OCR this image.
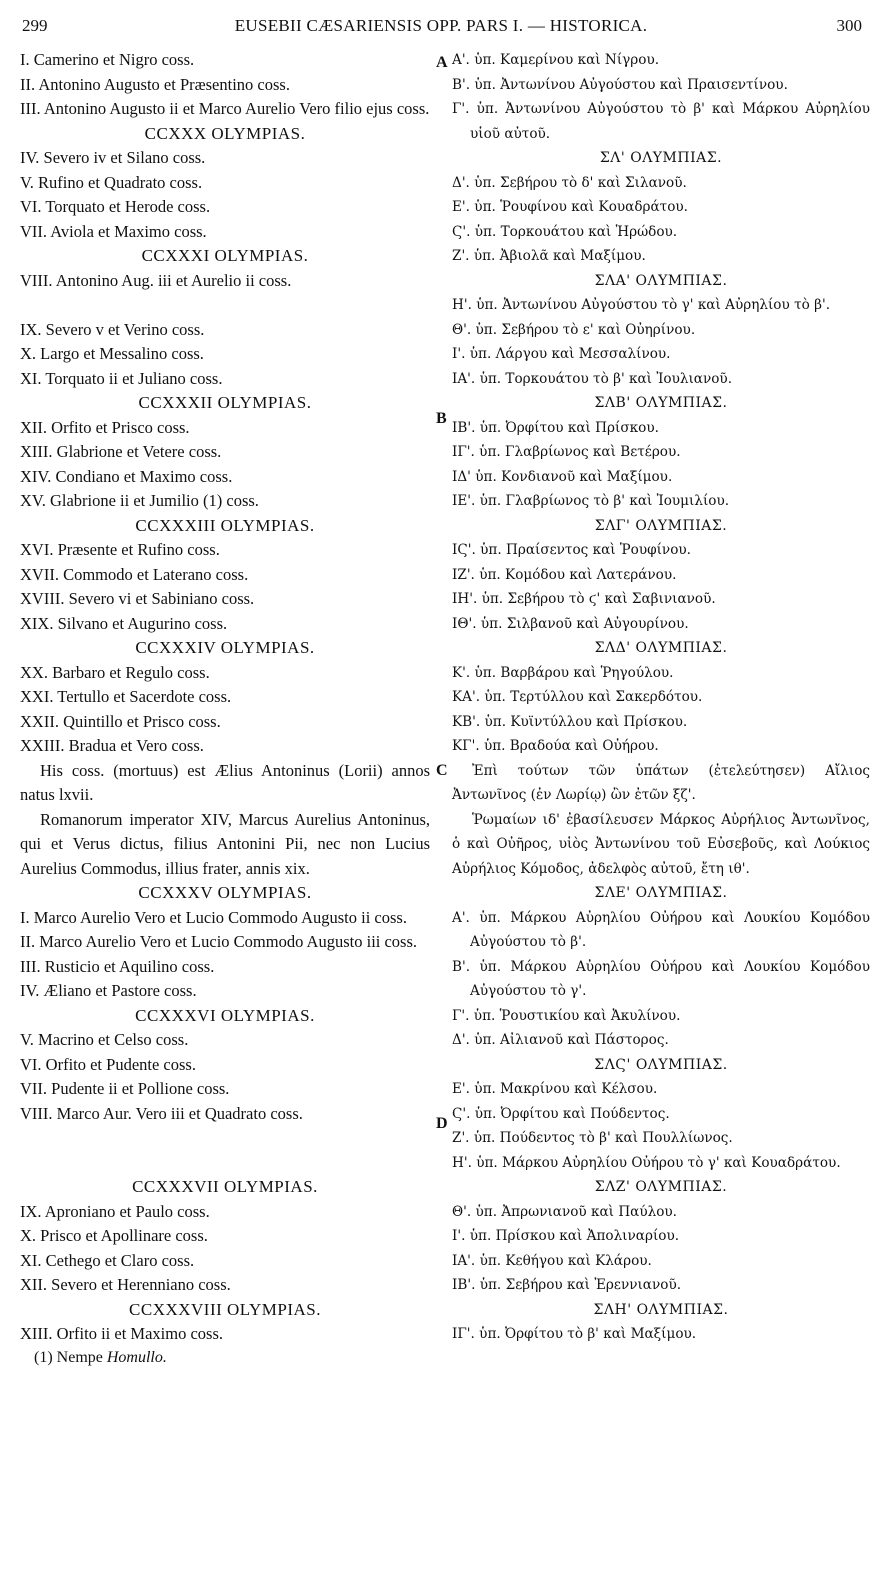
299	EUSEBII CÆSARIENSIS OPP. PARS I. — HISTORICA.	300
A
B
C
D
I. Camerino et Nigro coss.
II. Antonino Augusto et Præsentino coss.
III. Antonino Augusto ii et Marco Aurelio Vero filio ejus coss.
CCXXX OLYMPIAS.
IV. Severo iv et Silano coss.
V. Rufino et Quadrato coss.
VI. Torquato et Herode coss.
VII. Aviola et Maximo coss.
CCXXXI OLYMPIAS.
VIII. Antonino Aug. iii et Aurelio ii coss.
IX. Severo v et Verino coss.
X. Largo et Messalino coss.
XI. Torquato ii et Juliano coss.
CCXXXII OLYMPIAS.
XII. Orfito et Prisco coss.
XIII. Glabrione et Vetere coss.
XIV. Condiano et Maximo coss.
XV. Glabrione ii et Jumilio (1) coss.
CCXXXIII OLYMPIAS.
XVI. Præsente et Rufino coss.
XVII. Commodo et Laterano coss.
XVIII. Severo vi et Sabiniano coss.
XIX. Silvano et Augurino coss.
CCXXXIV OLYMPIAS.
XX. Barbaro et Regulo coss.
XXI. Tertullo et Sacerdote coss.
XXII. Quintillo et Prisco coss.
XXIII. Bradua et Vero coss.
His coss. (mortuus) est Ælius Antoninus (Lorii) annos natus lxvii.
Romanorum imperator XIV, Marcus Aurelius Antoninus, qui et Verus dictus, filius Antonini Pii, nec non Lucius Aurelius Commodus, illius frater, annis xix.
CCXXXV OLYMPIAS.
I. Marco Aurelio Vero et Lucio Commodo Augusto ii coss.
II. Marco Aurelio Vero et Lucio Commodo Augusto iii coss.
III. Rusticio et Aquilino coss.
IV. Æliano et Pastore coss.
CCXXXVI OLYMPIAS.
V. Macrino et Celso coss.
VI. Orfito et Pudente coss.
VII. Pudente ii et Pollione coss.
VIII. Marco Aur. Vero iii et Quadrato coss.
CCXXXVII OLYMPIAS.
IX. Aproniano et Paulo coss.
X. Prisco et Apollinare coss.
XI. Cethego et Claro coss.
XII. Severo et Herenniano coss.
CCXXXVIII OLYMPIAS.
XIII. Orfito ii et Maximo coss.
(1) Nempe Homullo.
Α'. ὑπ. Καμερίνου καὶ Νίγρου.
Β'. ὑπ. Ἀντωνίνου Αὐγούστου καὶ Πραισεντίνου.
Γ'. ὑπ. Ἀντωνίνου Αὐγούστου τὸ β' καὶ Μάρκου Αὐρηλίου υἱοῦ αὐτοῦ.
ΣΛ' ΟΛΥΜΠΙΑΣ.
Δ'. ὑπ. Σεβήρου τὸ δ' καὶ Σιλανοῦ.
Ε'. ὑπ. Ῥουφίνου καὶ Κουαδράτου.
Ϛ'. ὑπ. Τορκουάτου καὶ Ἡρώδου.
Ζ'. ὑπ. Ἀβιολᾶ καὶ Μαξίμου.
ΣΛΑ' ΟΛΥΜΠΙΑΣ.
Η'. ὑπ. Ἀντωνίνου Αὐγούστου τὸ γ' καὶ Αὐρηλίου τὸ β'.
Θ'. ὑπ. Σεβήρου τὸ ε' καὶ Οὐηρίνου.
Ι'. ὑπ. Λάργου καὶ Μεσσαλίνου.
ΙΑ'. ὑπ. Τορκουάτου τὸ β' καὶ Ἰουλιανοῦ.
ΣΛΒ' ΟΛΥΜΠΙΑΣ.
ΙΒ'. ὑπ. Ὀρφίτου καὶ Πρίσκου.
ΙΓ'. ὑπ. Γλαβρίωνος καὶ Βετέρου.
ΙΔ' ὑπ. Κονδιανοῦ καὶ Μαξίμου.
ΙΕ'. ὑπ. Γλαβρίωνος τὸ β' καὶ Ἰουμιλίου.
ΣΛΓ' ΟΛΥΜΠΙΑΣ.
ΙϚ'. ὑπ. Πραίσεντος καὶ Ῥουφίνου.
ΙΖ'. ὑπ. Κομόδου καὶ Λατεράνου.
ΙΗ'. ὑπ. Σεβήρου τὸ ϛ' καὶ Σαβινιανοῦ.
ΙΘ'. ὑπ. Σιλβανοῦ καὶ Αὐγουρίνου.
ΣΛΔ' ΟΛΥΜΠΙΑΣ.
Κ'. ὑπ. Βαρβάρου καὶ Ῥηγούλου.
ΚΑ'. ὑπ. Τερτύλλου καὶ Σακερδότου.
ΚΒ'. ὑπ. Κυϊντύλλου καὶ Πρίσκου.
ΚΓ'. ὑπ. Βραδούα καὶ Οὐήρου.
Ἐπὶ τούτων τῶν ὑπάτων (ἐτελεύτησεν) Αἴλιος Ἀντωνῖνος (ἐν Λωρίῳ) ὢν ἐτῶν ξζ'.
Ῥωμαίων ιδ' ἐβασίλευσεν Μάρκος Αὐρήλιος Ἀντωνῖνος, ὁ καὶ Οὐῆρος, υἱὸς Ἀντωνίνου τοῦ Εὐσεβοῦς, καὶ Λούκιος Αὐρήλιος Κόμοδος, ἀδελφὸς αὐτοῦ, ἔτη ιθ'.
ΣΛΕ' ΟΛΥΜΠΙΑΣ.
Α'. ὑπ. Μάρκου Αὐρηλίου Οὐήρου καὶ Λουκίου Κομόδου Αὐγούστου τὸ β'.
Β'. ὑπ. Μάρκου Αὐρηλίου Οὐήρου καὶ Λουκίου Κομόδου Αὐγούστου τὸ γ'.
Γ'. ὑπ. Ῥουστικίου καὶ Ἀκυλίνου.
Δ'. ὑπ. Αἰλιανοῦ καὶ Πάστορος.
ΣΛϚ' ΟΛΥΜΠΙΑΣ.
Ε'. ὑπ. Μακρίνου καὶ Κέλσου.
Ϛ'. ὑπ. Ὀρφίτου καὶ Πούδεντος.
Ζ'. ὑπ. Πούδεντος τὸ β' καὶ Πουλλίωνος.
Η'. ὑπ. Μάρκου Αὐρηλίου Οὐήρου τὸ γ' καὶ Κουαδράτου.
ΣΛΖ' ΟΛΥΜΠΙΑΣ.
Θ'. ὑπ. Ἀπρωνιανοῦ καὶ Παύλου.
Ι'. ὑπ. Πρίσκου καὶ Ἀπολιναρίου.
ΙΑ'. ὑπ. Κεθήγου καὶ Κλάρου.
ΙΒ'. ὑπ. Σεβήρου καὶ Ἐρεννιανοῦ.
ΣΛΗ' ΟΛΥΜΠΙΑΣ.
ΙΓ'. ὑπ. Ὀρφίτου τὸ β' καὶ Μαξίμου.
